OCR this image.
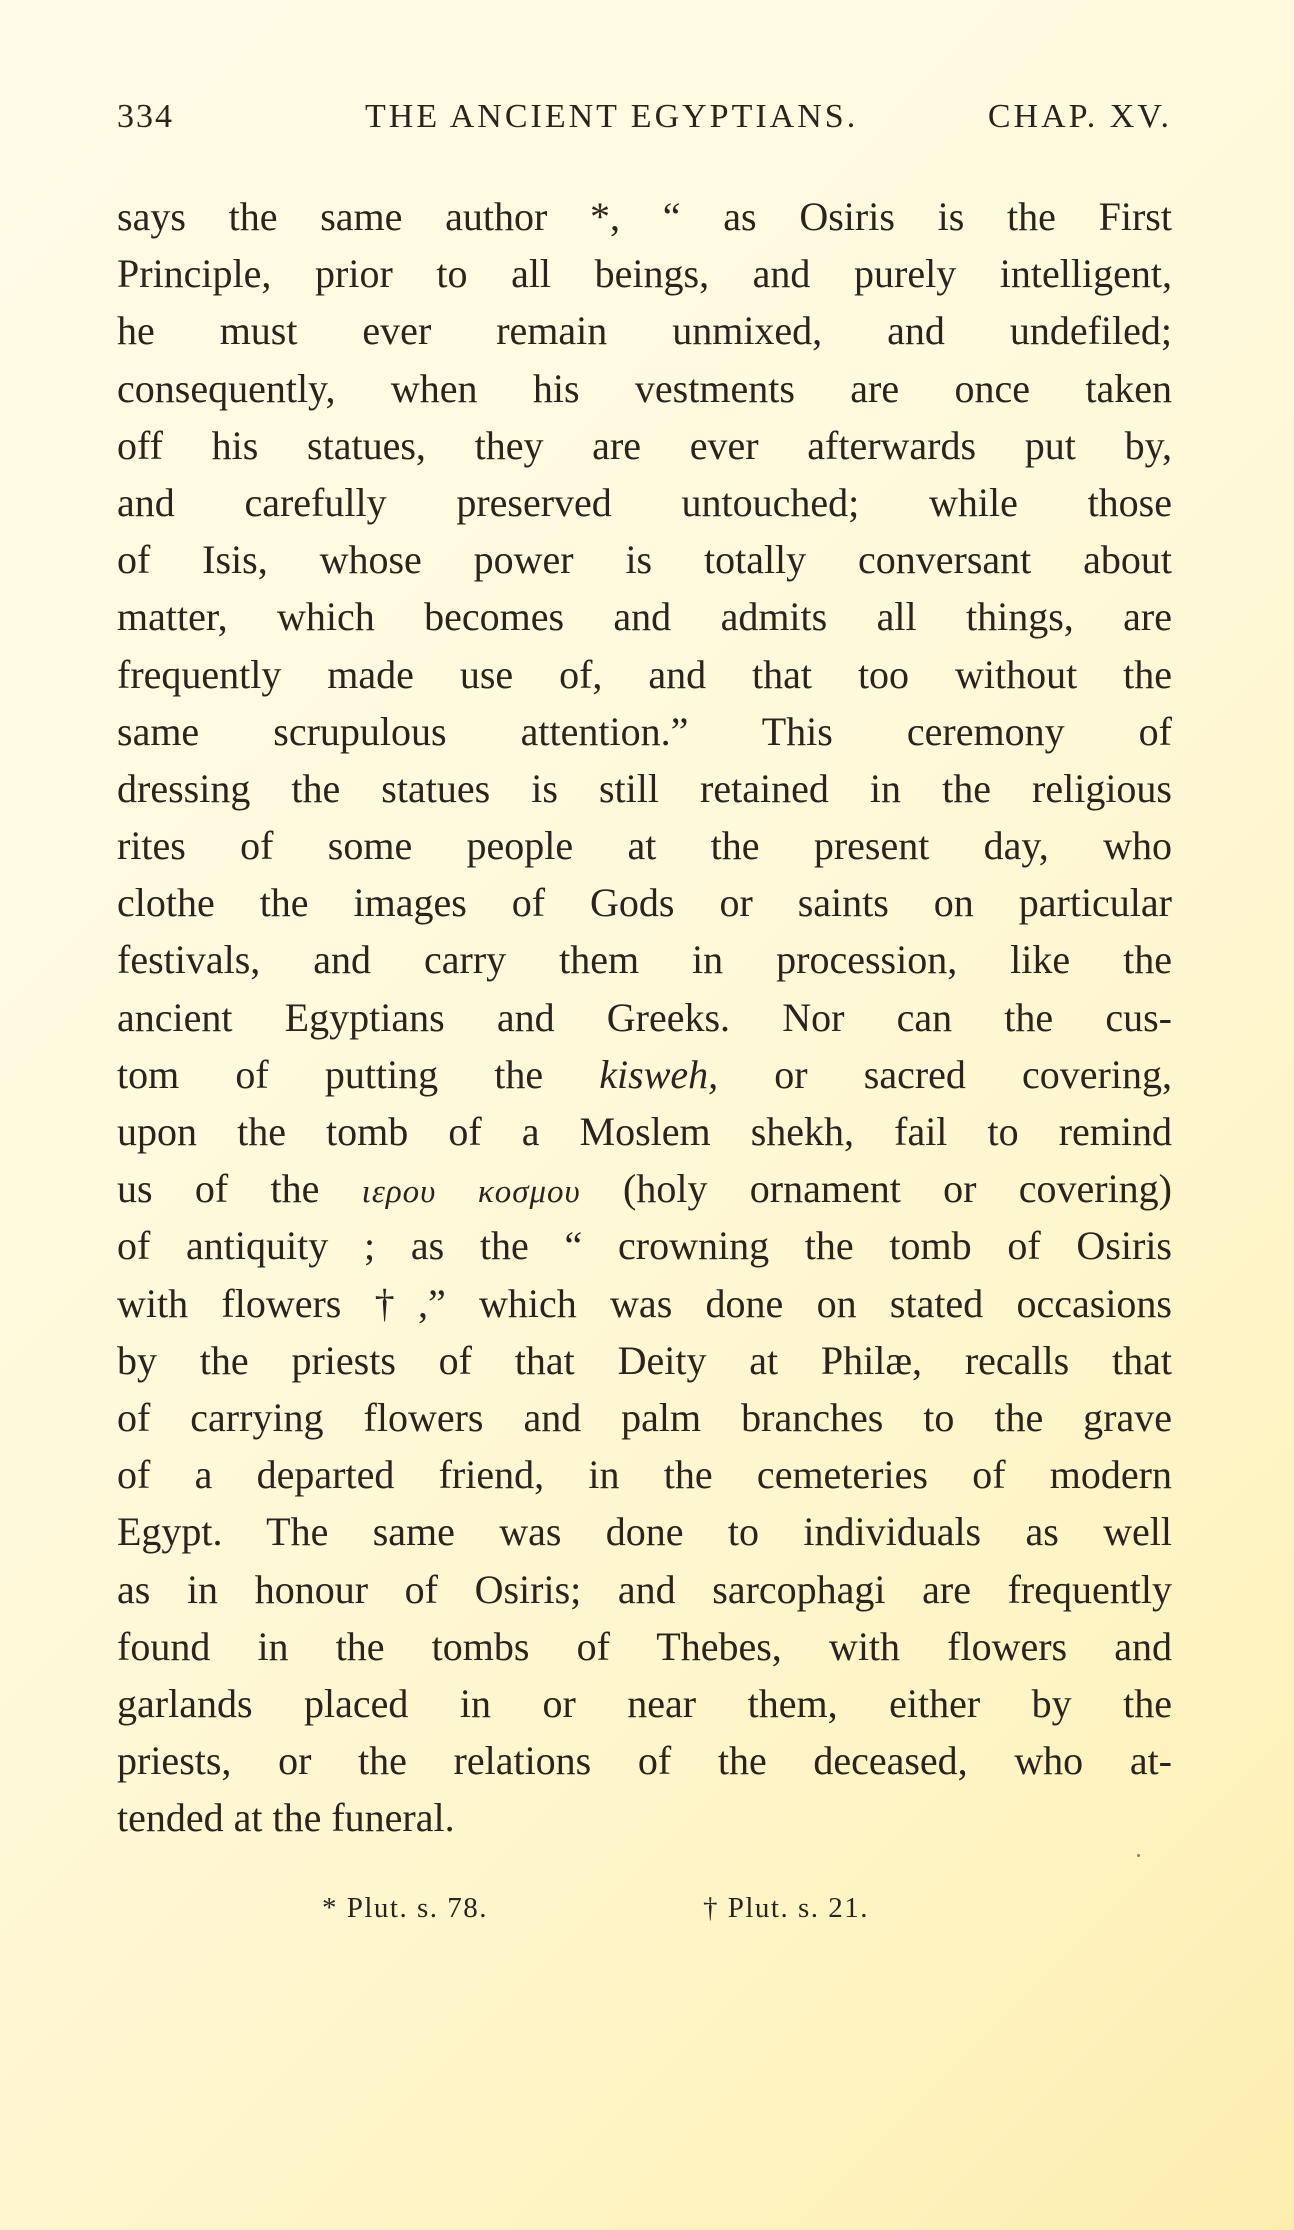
334	THE ANCIENT EGYPTIANS.	CHAP. XV.
says the same author *, “ as Osiris is the First
Principle, prior to all beings, and purely intelligent,
he must ever remain unmixed, and undefiled;
consequently, when his vestments are once taken
off his statues, they are ever afterwards put by,
and carefully preserved untouched; while those
of Isis, whose power is totally conversant about
matter, which becomes and admits all things, are
frequently made use of, and that too without the
same scrupulous attention.” This ceremony of
dressing the statues is still retained in the religious
rites of some people at the present day, who
clothe the images of Gods or saints on particular
festivals, and carry them in procession, like the
ancient Egyptians and Greeks. Nor can the cus-
tom of putting the kisweh, or sacred covering,
upon the tomb of a Moslem shekh, fail to remind
us of the ιερου κοσμου (holy ornament or covering)
of antiquity ; as the “ crowning the tomb of Osiris
with flowers †,” which was done on stated occasions
by the priests of that Deity at Philæ, recalls that
of carrying flowers and palm branches to the grave
of a departed friend, in the cemeteries of modern
Egypt. The same was done to individuals as well
as in honour of Osiris; and sarcophagi are frequently
found in the tombs of Thebes, with flowers and
garlands placed in or near them, either by the
priests, or the relations of the deceased, who at-
tended at the funeral.
* Plut. s. 78.	† Plut. s. 21.
